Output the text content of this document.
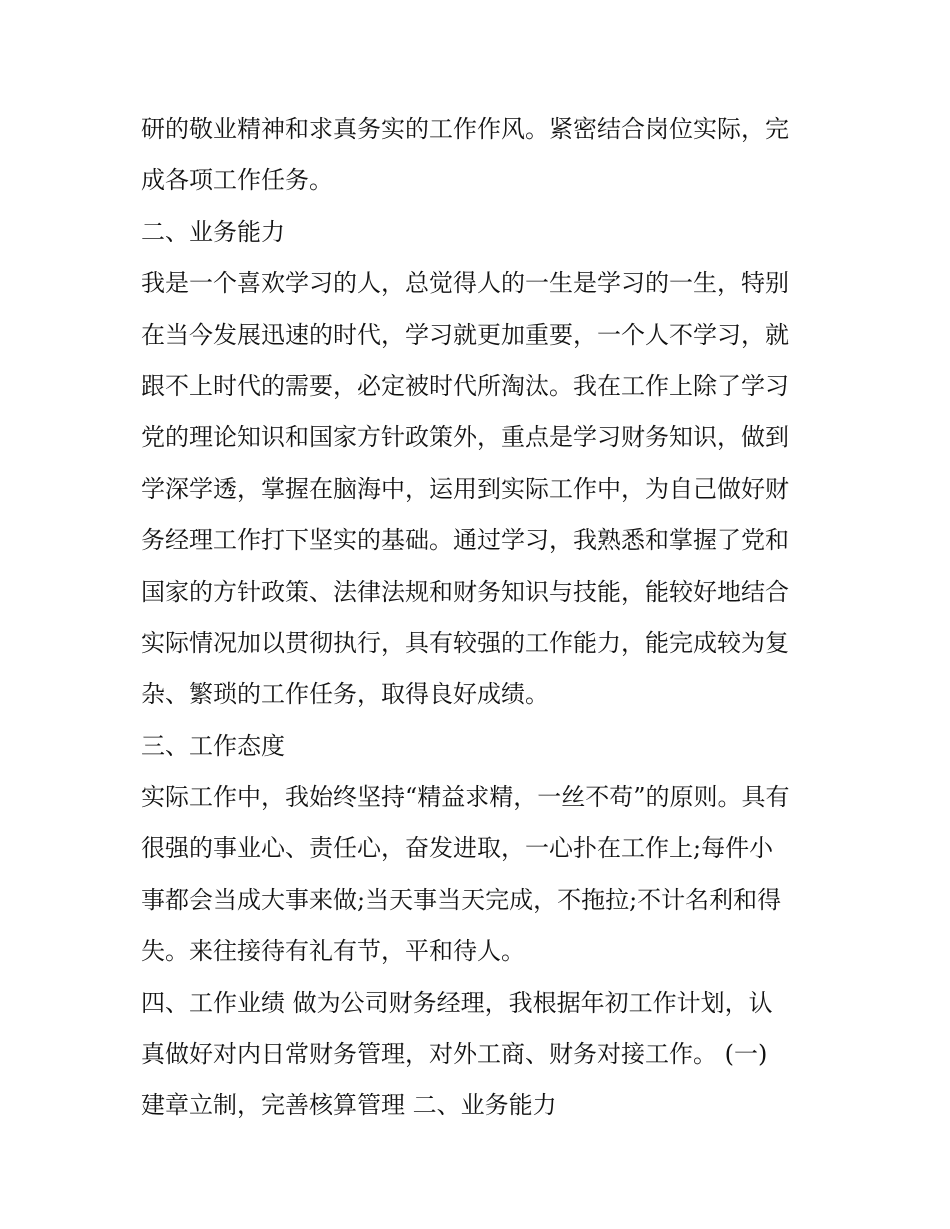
研的敬业精神和求真务实的工作作风。紧密结合岗位实际，完
成各项工作任务。
二、业务能力
我是一个喜欢学习的人，总觉得人的一生是学习的一生，特别
在当今发展迅速的时代，学习就更加重要，一个人不学习，就
跟不上时代的需要，必定被时代所淘汰。我在工作上除了学习
党的理论知识和国家方针政策外，重点是学习财务知识，做到
学深学透，掌握在脑海中，运用到实际工作中，为自己做好财
务经理工作打下坚实的基础。通过学习，我熟悉和掌握了党和
国家的方针政策、法律法规和财务知识与技能，能较好地结合
实际情况加以贯彻执行，具有较强的工作能力，能完成较为复
杂、繁琐的工作任务，取得良好成绩。
三、工作态度
实际工作中，我始终坚持“精益求精，一丝不苟”的原则。具有
很强的事业心、责任心，奋发进取，一心扑在工作上;每件小
事都会当成大事来做;当天事当天完成，不拖拉;不计名利和得
失。来往接待有礼有节，平和待人。
四、工作业绩 做为公司财务经理，我根据年初工作计划，认
真做好对内日常财务管理，对外工商、财务对接工作。 (一)
建章立制，完善核算管理 二、业务能力
